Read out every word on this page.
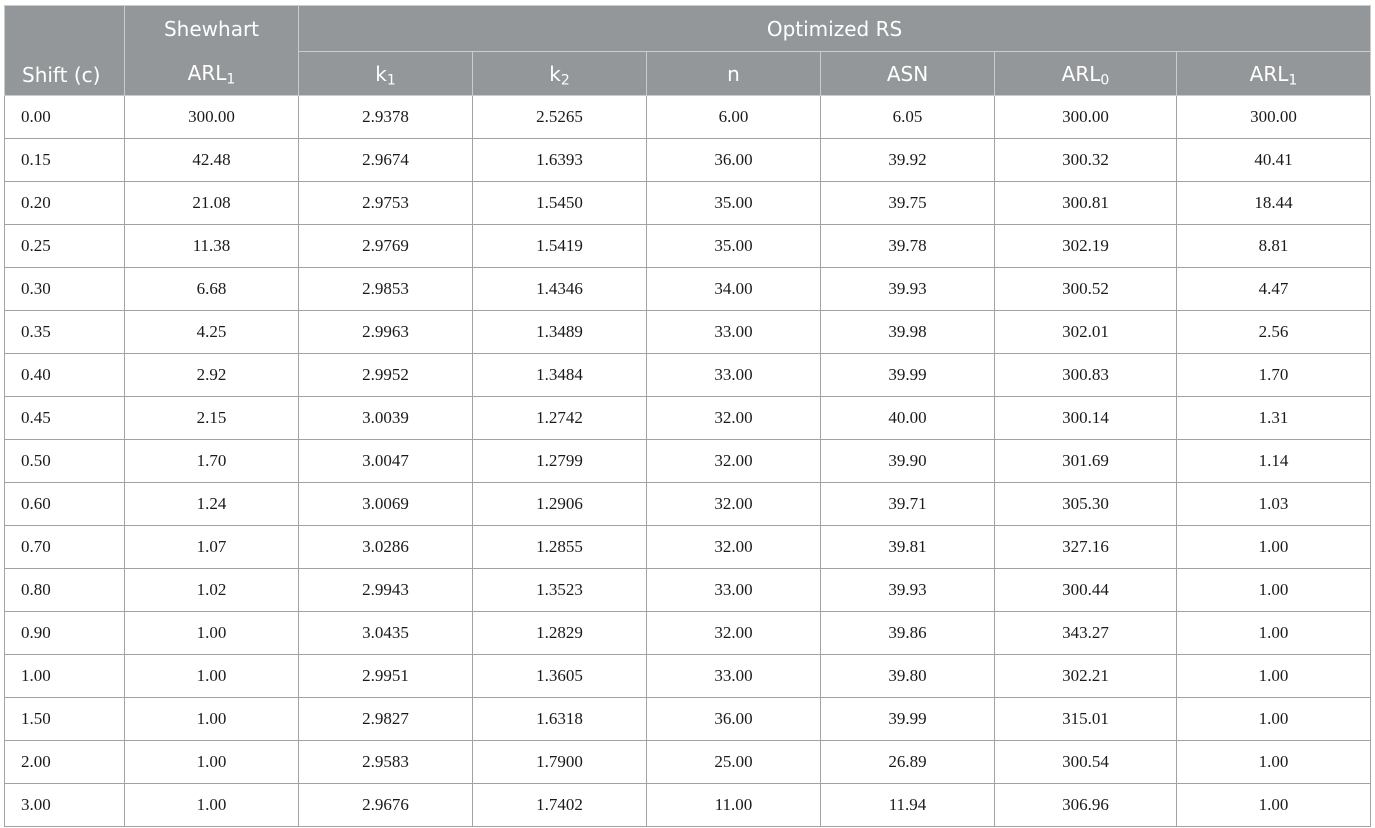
Shift (c)	Shewhart	Optimized RS					
	$ARL_1$	$k_1$	$k_2$	n	ASN	$ARL_0$	$ARL_1$
0.00	300.00	2.9378	2.5265	6.00	6.05	300.00	300.00
0.15	42.48	2.9674	1.6393	36.00	39.92	300.32	40.41
0.20	21.08	2.9753	1.5450	35.00	39.75	300.81	18.44
0.25	11.38	2.9769	1.5419	35.00	39.78	302.19	8.81
0.30	6.68	2.9853	1.4346	34.00	39.93	300.52	4.47
0.35	4.25	2.9963	1.3489	33.00	39.98	302.01	2.56
0.40	2.92	2.9952	1.3484	33.00	39.99	300.83	1.70
0.45	2.15	3.0039	1.2742	32.00	40.00	300.14	1.31
0.50	1.70	3.0047	1.2799	32.00	39.90	301.69	1.14
0.60	1.24	3.0069	1.2906	32.00	39.71	305.30	1.03
0.70	1.07	3.0286	1.2855	32.00	39.81	327.16	1.00
0.80	1.02	2.9943	1.3523	33.00	39.93	300.44	1.00
0.90	1.00	3.0435	1.2829	32.00	39.86	343.27	1.00
1.00	1.00	2.9951	1.3605	33.00	39.80	302.21	1.00
1.50	1.00	2.9827	1.6318	36.00	39.99	315.01	1.00
2.00	1.00	2.9583	1.7900	25.00	26.89	300.54	1.00
3.00	1.00	2.9676	1.7402	11.00	11.94	306.96	1.00
